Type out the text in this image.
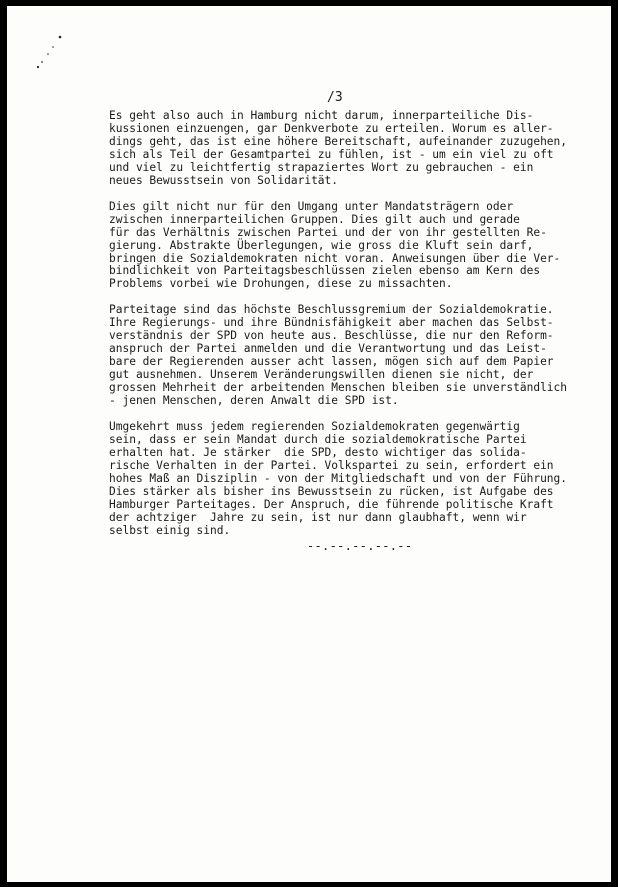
/3
Es geht also auch in Hamburg nicht darum, innerparteiliche Dis-
kussionen einzuengen, gar Denkverbote zu erteilen. Worum es aller-
dings geht, das ist eine höhere Bereitschaft, aufeinander zuzugehen,
sich als Teil der Gesamtpartei zu fühlen, ist - um ein viel zu oft
und viel zu leichtfertig strapaziertes Wort zu gebrauchen - ein
neues Bewusstsein von Solidarität.
Dies gilt nicht nur für den Umgang unter Mandatsträgern oder
zwischen innerparteilichen Gruppen. Dies gilt auch und gerade
für das Verhältnis zwischen Partei und der von ihr gestellten Re-
gierung. Abstrakte Überlegungen, wie gross die Kluft sein darf,
bringen die Sozialdemokraten nicht voran. Anweisungen über die Ver-
bindlichkeit von Parteitagsbeschlüssen zielen ebenso am Kern des
Problems vorbei wie Drohungen, diese zu missachten.
Parteitage sind das höchste Beschlussgremium der Sozialdemokratie.
Ihre Regierungs- und ihre Bündnisfähigkeit aber machen das Selbst-
verständnis der SPD von heute aus. Beschlüsse, die nur den Reform-
anspruch der Partei anmelden und die Verantwortung und das Leist-
bare der Regierenden ausser acht lassen, mögen sich auf dem Papier
gut ausnehmen. Unserem Veränderungswillen dienen sie nicht, der
grossen Mehrheit der arbeitenden Menschen bleiben sie unverständlich
- jenen Menschen, deren Anwalt die SPD ist.
Umgekehrt muss jedem regierenden Sozialdemokraten gegenwärtig
sein, dass er sein Mandat durch die sozialdemokratische Partei
erhalten hat. Je stärker  die SPD, desto wichtiger das solida-
rische Verhalten in der Partei. Volkspartei zu sein, erfordert ein
hohes Maß an Disziplin - von der Mitgliedschaft und von der Führung.
Dies stärker als bisher ins Bewusstsein zu rücken, ist Aufgabe des
Hamburger Parteitages. Der Anspruch, die führende politische Kraft
der achtziger  Jahre zu sein, ist nur dann glaubhaft, wenn wir
selbst einig sind.
--.--.--.--.--
